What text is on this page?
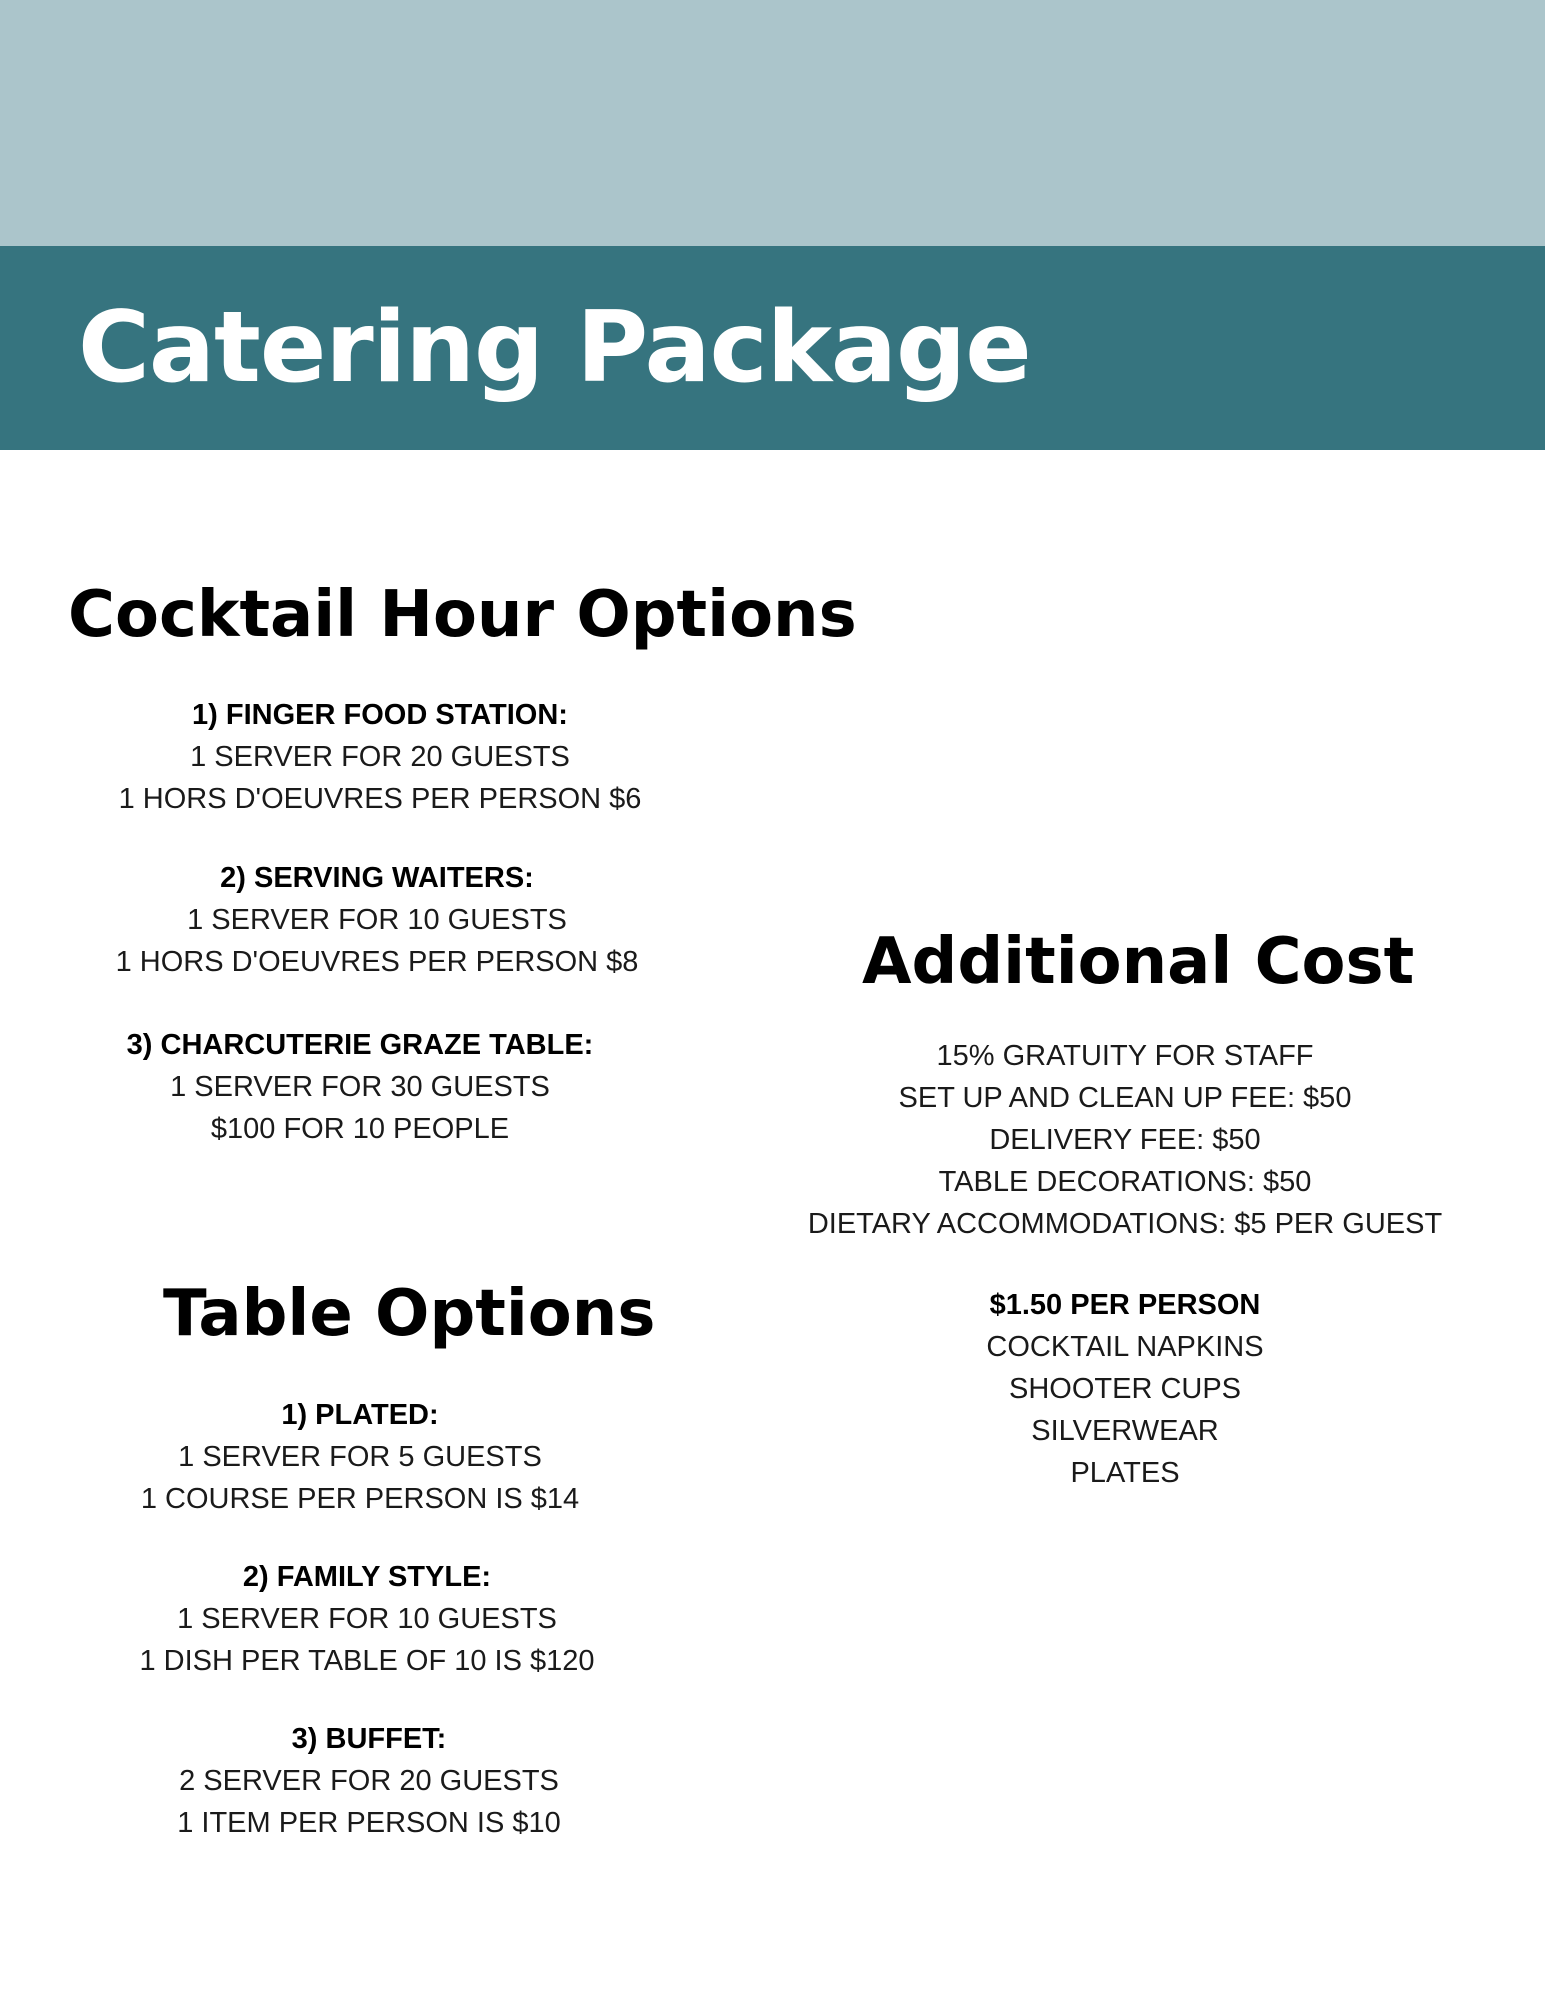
Catering Package
Cocktail Hour Options
1) FINGER FOOD STATION:
1 SERVER FOR 20 GUESTS
1 HORS D'OEUVRES PER PERSON $6
2) SERVING WAITERS:
1 SERVER FOR 10 GUESTS
1 HORS D'OEUVRES PER PERSON $8
3) CHARCUTERIE GRAZE TABLE:
1 SERVER FOR 30 GUESTS
$100 FOR 10 PEOPLE
Table Options
1) PLATED:
1 SERVER FOR 5 GUESTS
1 COURSE PER PERSON IS $14
2) FAMILY STYLE:
1 SERVER FOR 10 GUESTS
1 DISH PER TABLE OF 10 IS $120
3) BUFFET:
2 SERVER FOR 20 GUESTS
1 ITEM PER PERSON IS $10
Additional Cost
15% GRATUITY FOR STAFF
SET UP AND CLEAN UP FEE: $50
DELIVERY FEE: $50
TABLE DECORATIONS: $50
DIETARY ACCOMMODATIONS: $5 PER GUEST
$1.50 PER PERSON
COCKTAIL NAPKINS
SHOOTER CUPS
SILVERWEAR
PLATES
